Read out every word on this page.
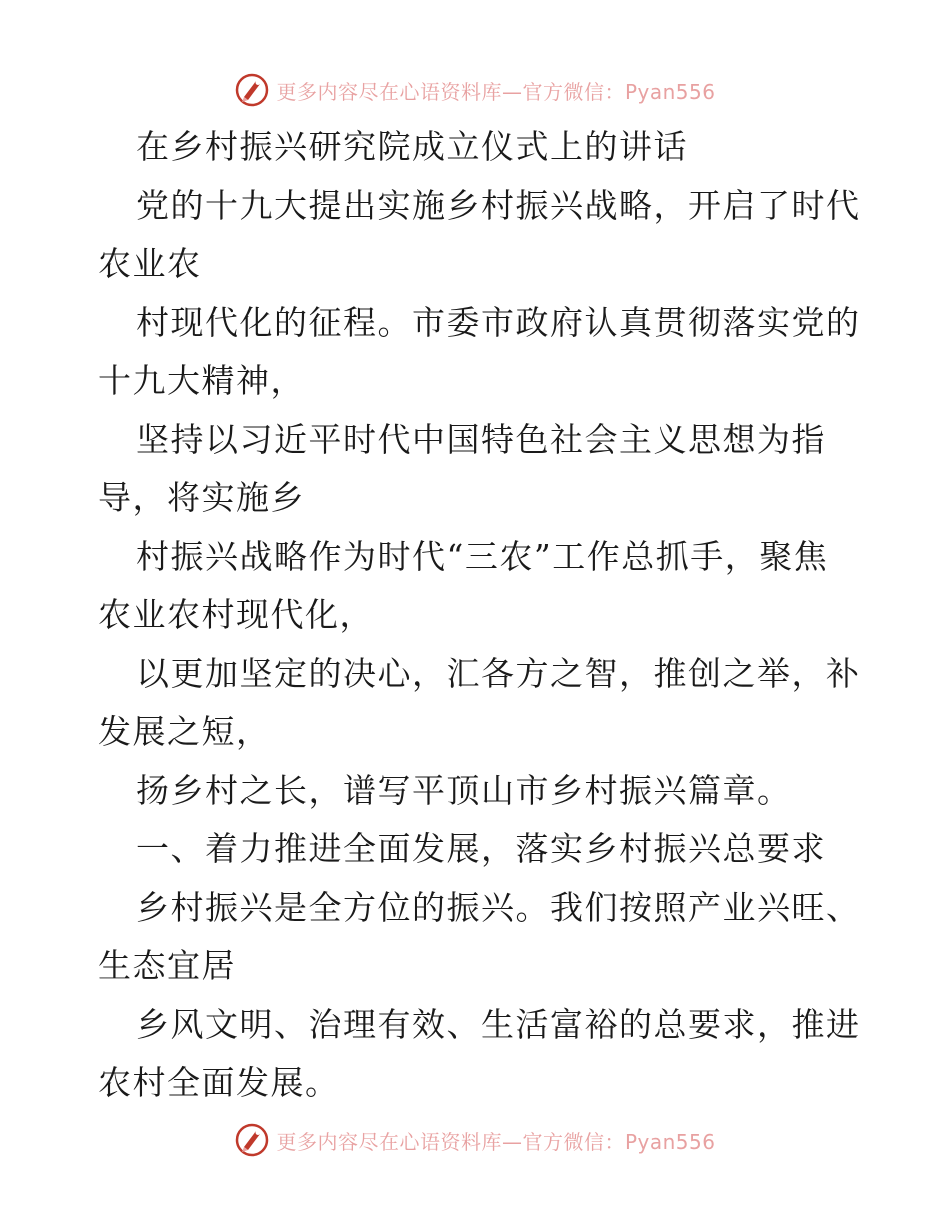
更多内容尽在心语资料库—官方微信：Pyan556
在乡村振兴研究院成立仪式上的讲话
党的十九大提出实施乡村振兴战略，开启了时代
农业农
村现代化的征程。市委市政府认真贯彻落实党的
十九大精神，
坚持以习近平时代中国特色社会主义思想为指
导，将实施乡
村振兴战略作为时代“三农”工作总抓手，聚焦
农业农村现代化，
以更加坚定的决心，汇各方之智，推创之举，补
发展之短，
扬乡村之长，谱写平顶山市乡村振兴篇章。
一、着力推进全面发展，落实乡村振兴总要求
乡村振兴是全方位的振兴。我们按照产业兴旺、
生态宜居
乡风文明、治理有效、生活富裕的总要求，推进
农村全面发展。
更多内容尽在心语资料库—官方微信：Pyan556
